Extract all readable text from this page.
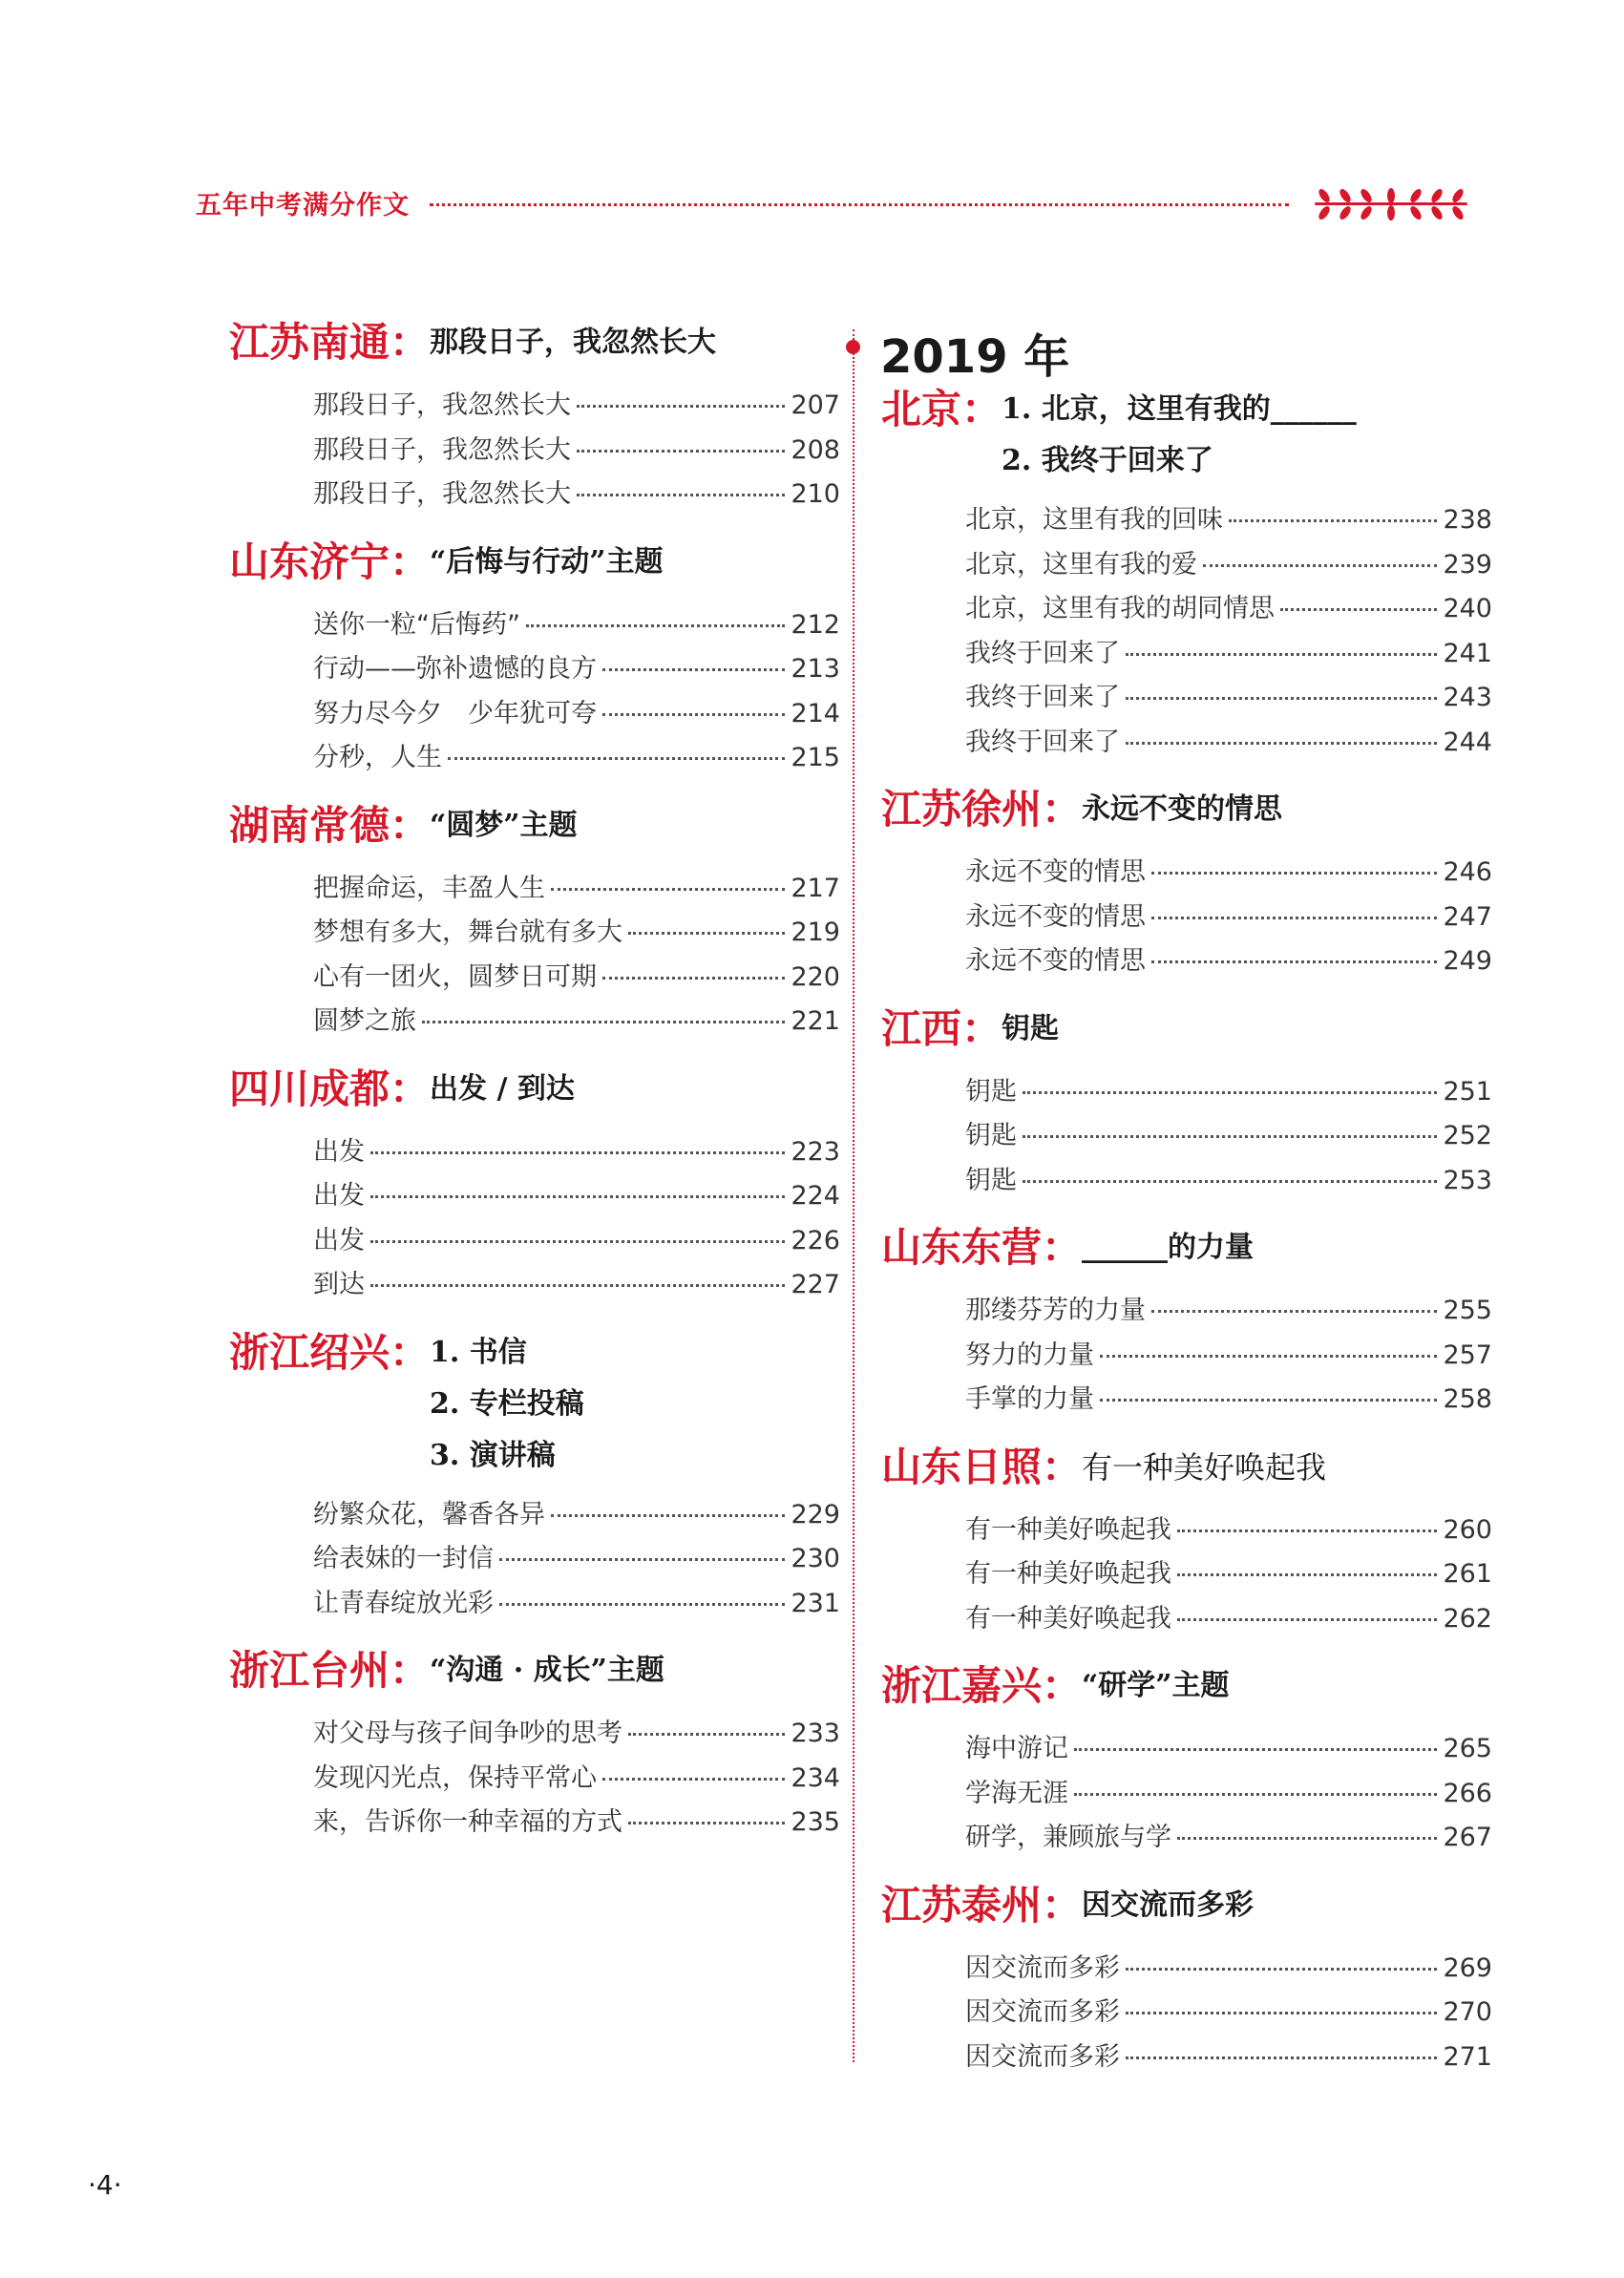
五年中考满分作文
2019 年
江苏南通： 那段日子，我忽然长大
那段日子，我忽然长大	207
那段日子，我忽然长大	208
那段日子，我忽然长大	210
山东济宁： “后悔与行动”主题
送你一粒“后悔药”	212
行动——弥补遗憾的良方	213
努力尽今夕　少年犹可夸	214
分秒，人生	215
湖南常德： “圆梦”主题
把握命运，丰盈人生	217
梦想有多大，舞台就有多大	219
心有一团火，圆梦日可期	220
圆梦之旅	221
四川成都： 出发 / 到达
出发	223
出发	224
出发	226
到达	227
浙江绍兴： 1. 书信
2. 专栏投稿
3. 演讲稿
纷繁众花，馨香各异	229
给表妹的一封信	230
让青春绽放光彩	231
浙江台州： “沟通 · 成长”主题
对父母与孩子间争吵的思考	233
发现闪光点，保持平常心	234
来，告诉你一种幸福的方式	235
北京： 1. 北京，这里有我的______
2. 我终于回来了
北京，这里有我的回味	238
北京，这里有我的爱	239
北京，这里有我的胡同情思	240
我终于回来了	241
我终于回来了	243
我终于回来了	244
江苏徐州： 永远不变的情思
永远不变的情思	246
永远不变的情思	247
永远不变的情思	249
江西： 钥匙
钥匙	251
钥匙	252
钥匙	253
山东东营： ______的力量
那缕芬芳的力量	255
努力的力量	257
手掌的力量	258
山东日照： 有一种美好唤起我
有一种美好唤起我	260
有一种美好唤起我	261
有一种美好唤起我	262
浙江嘉兴： “研学”主题
海中游记	265
学海无涯	266
研学，兼顾旅与学	267
江苏泰州： 因交流而多彩
因交流而多彩	269
因交流而多彩	270
因交流而多彩	271
·4·
